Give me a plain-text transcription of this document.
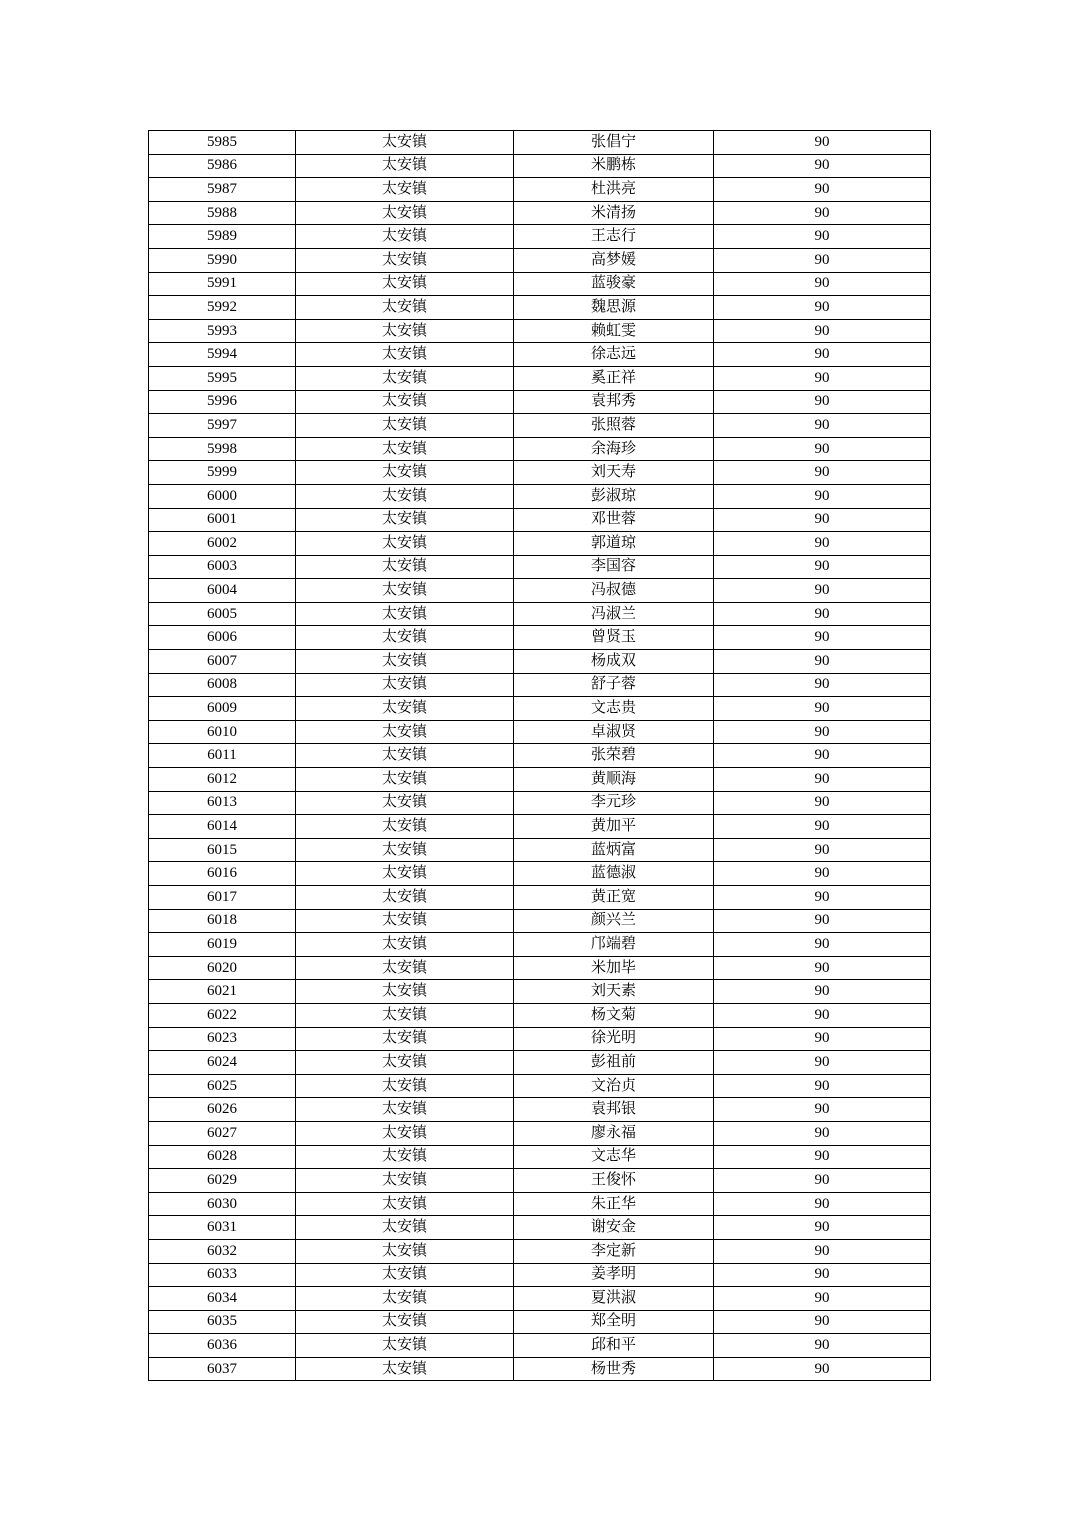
5985	太安镇	张倡宁	90
5986	太安镇	米鹏栋	90
5987	太安镇	杜洪亮	90
5988	太安镇	米清扬	90
5989	太安镇	王志行	90
5990	太安镇	高梦媛	90
5991	太安镇	蓝骏豪	90
5992	太安镇	魏思源	90
5993	太安镇	赖虹雯	90
5994	太安镇	徐志远	90
5995	太安镇	奚正祥	90
5996	太安镇	袁邦秀	90
5997	太安镇	张照蓉	90
5998	太安镇	余海珍	90
5999	太安镇	刘天寿	90
6000	太安镇	彭淑琼	90
6001	太安镇	邓世蓉	90
6002	太安镇	郭道琼	90
6003	太安镇	李国容	90
6004	太安镇	冯叔德	90
6005	太安镇	冯淑兰	90
6006	太安镇	曾贤玉	90
6007	太安镇	杨成双	90
6008	太安镇	舒子蓉	90
6009	太安镇	文志贵	90
6010	太安镇	卓淑贤	90
6011	太安镇	张荣碧	90
6012	太安镇	黄顺海	90
6013	太安镇	李元珍	90
6014	太安镇	黄加平	90
6015	太安镇	蓝炳富	90
6016	太安镇	蓝德淑	90
6017	太安镇	黄正宽	90
6018	太安镇	颜兴兰	90
6019	太安镇	邝端碧	90
6020	太安镇	米加毕	90
6021	太安镇	刘天素	90
6022	太安镇	杨文菊	90
6023	太安镇	徐光明	90
6024	太安镇	彭祖前	90
6025	太安镇	文治贞	90
6026	太安镇	袁邦银	90
6027	太安镇	廖永福	90
6028	太安镇	文志华	90
6029	太安镇	王俊怀	90
6030	太安镇	朱正华	90
6031	太安镇	谢安金	90
6032	太安镇	李定新	90
6033	太安镇	姜孝明	90
6034	太安镇	夏洪淑	90
6035	太安镇	郑全明	90
6036	太安镇	邱和平	90
6037	太安镇	杨世秀	90
